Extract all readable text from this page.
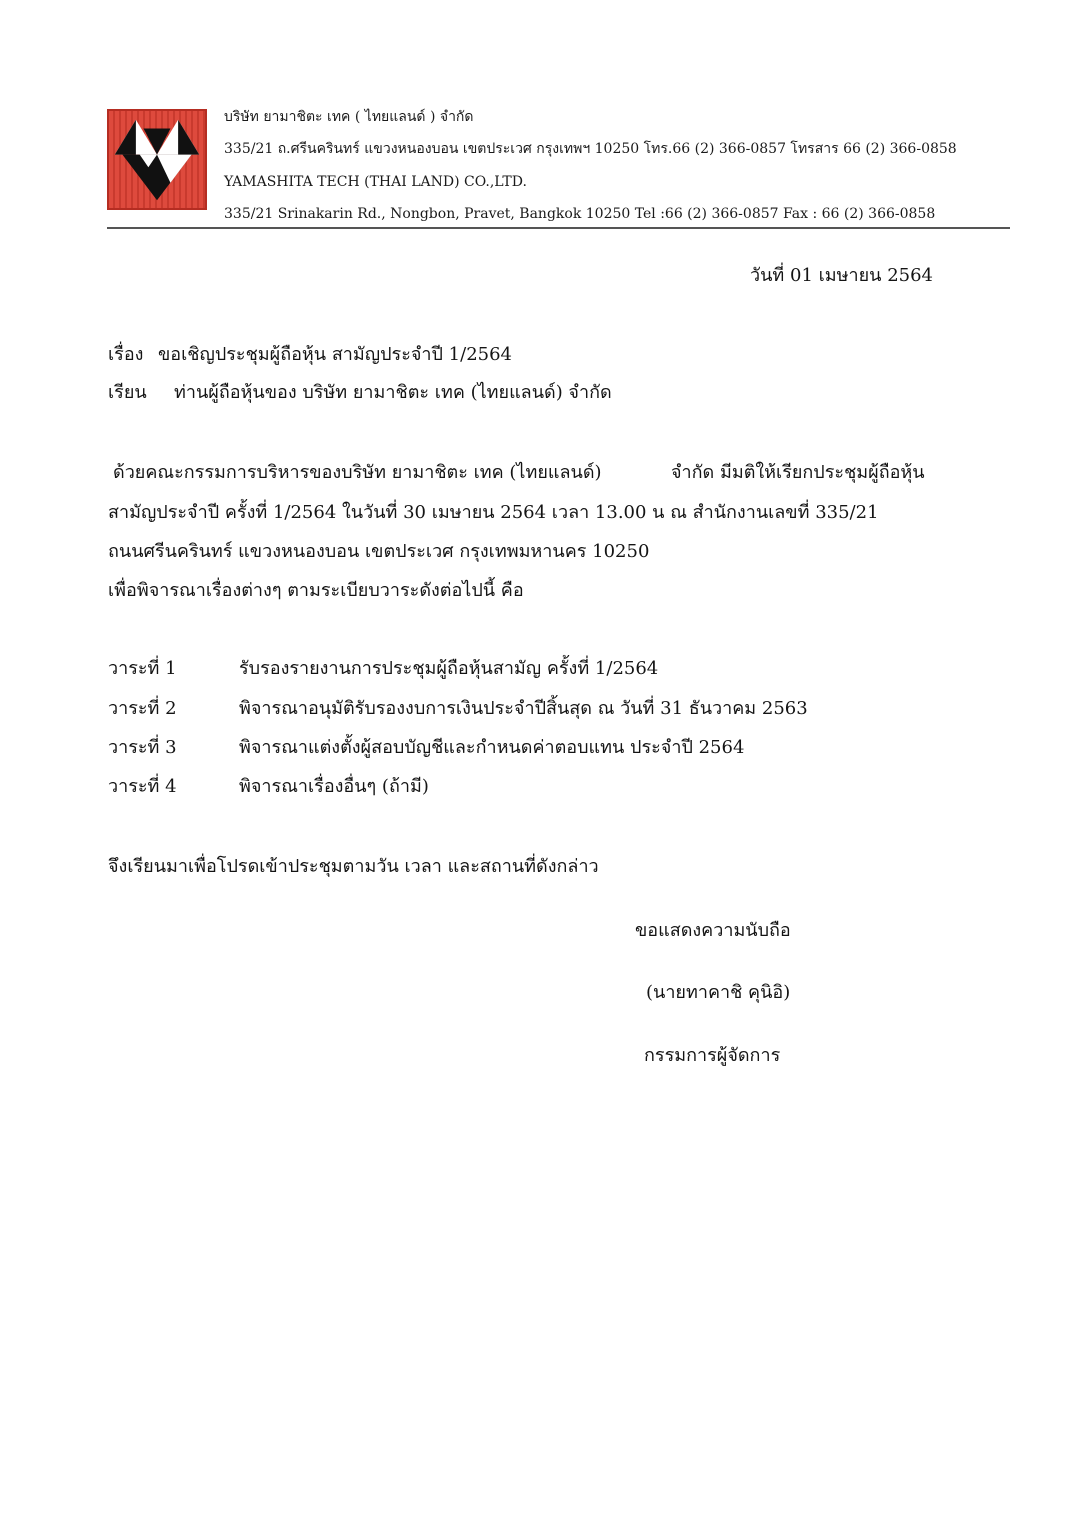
บริษัท ยามาชิตะ เทค ( ไทยแลนด์ ) จำกัด
335/21 ถ.ศรีนครินทร์ แขวงหนองบอน เขตประเวศ กรุงเทพฯ 10250 โทร.66 (2) 366-0857 โทรสาร 66 (2) 366-0858
YAMASHITA TECH (THAI LAND) CO.,LTD.
335/21 Srinakarin Rd., Nongbon, Pravet, Bangkok 10250 Tel :66 (2) 366-0857 Fax : 66 (2) 366-0858
วันที่ 01 เมษายน 2564
เรื่อง ขอเชิญประชุมผู้ถือหุ้น สามัญประจำปี 1/2564
เรียน ท่านผู้ถือหุ้นของ บริษัท ยามาชิตะ เทค (ไทยแลนด์) จำกัด
ด้วยคณะกรรมการบริหารของบริษัท ยามาชิตะ เทค (ไทยแลนด์)	จำกัด มีมติให้เรียกประชุมผู้ถือหุ้น
สามัญประจำปี ครั้งที่ 1/2564 ในวันที่ 30 เมษายน 2564 เวลา 13.00 น ณ สำนักงานเลขที่ 335/21
ถนนศรีนครินทร์ แขวงหนองบอน เขตประเวศ กรุงเทพมหานคร 10250
เพื่อพิจารณาเรื่องต่างๆ ตามระเบียบวาระดังต่อไปนี้ คือ
วาระที่ 1	รับรองรายงานการประชุมผู้ถือหุ้นสามัญ ครั้งที่ 1/2564
วาระที่ 2	พิจารณาอนุมัติรับรองงบการเงินประจำปีสิ้นสุด ณ วันที่ 31 ธันวาคม 2563
วาระที่ 3	พิจารณาแต่งตั้งผู้สอบบัญชีและกำหนดค่าตอบแทน ประจำปี 2564
วาระที่ 4	พิจารณาเรื่องอื่นๆ (ถ้ามี)
จึงเรียนมาเพื่อโปรดเข้าประชุมตามวัน เวลา และสถานที่ดังกล่าว
ขอแสดงความนับถือ
(นายทาคาชิ คุนิอิ)
กรรมการผู้จัดการ
